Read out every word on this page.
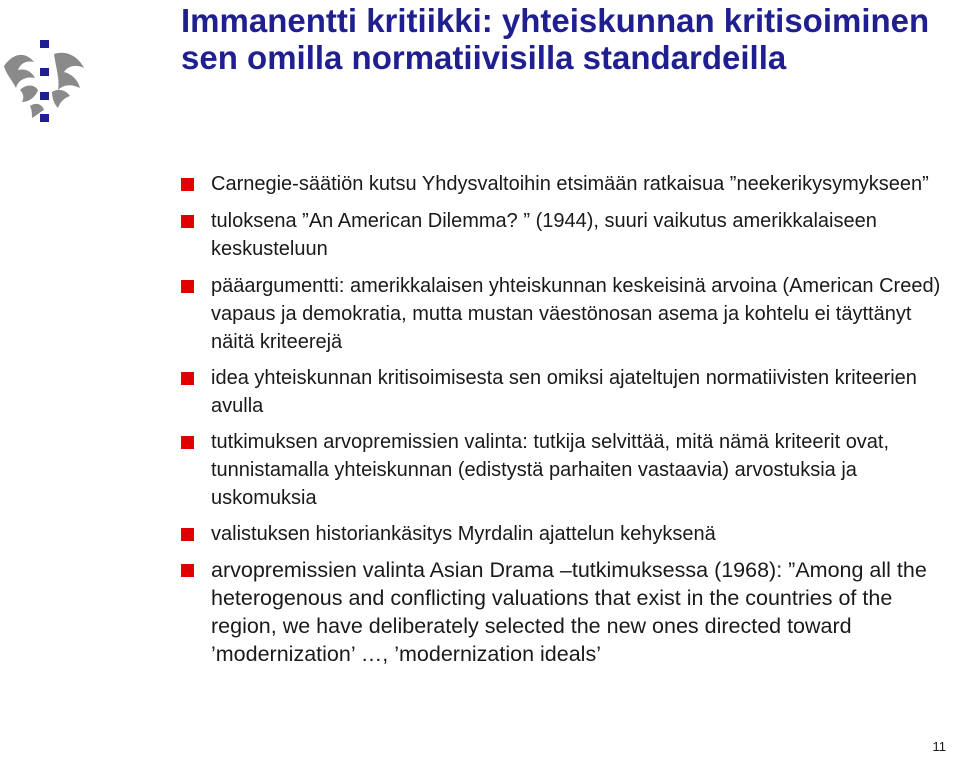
Immanentti kritiikki: yhteiskunnan kritisoiminen sen omilla normatiivisilla standardeilla
Carnegie-säätiön kutsu Yhdysvaltoihin etsimään ratkaisua ”neekerikysymykseen”
tuloksena ”An American Dilemma? ” (1944), suuri vaikutus amerikkalaiseen keskusteluun
pääargumentti: amerikkalaisen yhteiskunnan keskeisinä arvoina (American Creed) vapaus ja demokratia, mutta mustan väestönosan asema ja kohtelu ei täyttänyt näitä kriteerejä
idea yhteiskunnan kritisoimisesta sen omiksi ajateltujen normatiivisten kriteerien avulla
tutkimuksen arvopremissien valinta: tutkija selvittää, mitä nämä kriteerit ovat, tunnistamalla yhteiskunnan (edistystä parhaiten vastaavia) arvostuksia ja uskomuksia
valistuksen historiankäsitys Myrdalin ajattelun kehyksenä
arvopremissien valinta Asian Drama –tutkimuksessa (1968): ”Among all the heterogenous and conflicting valuations that exist in the countries of the region, we have deliberately selected the new ones directed toward ’modernization’ …, ’modernization ideals’
11
